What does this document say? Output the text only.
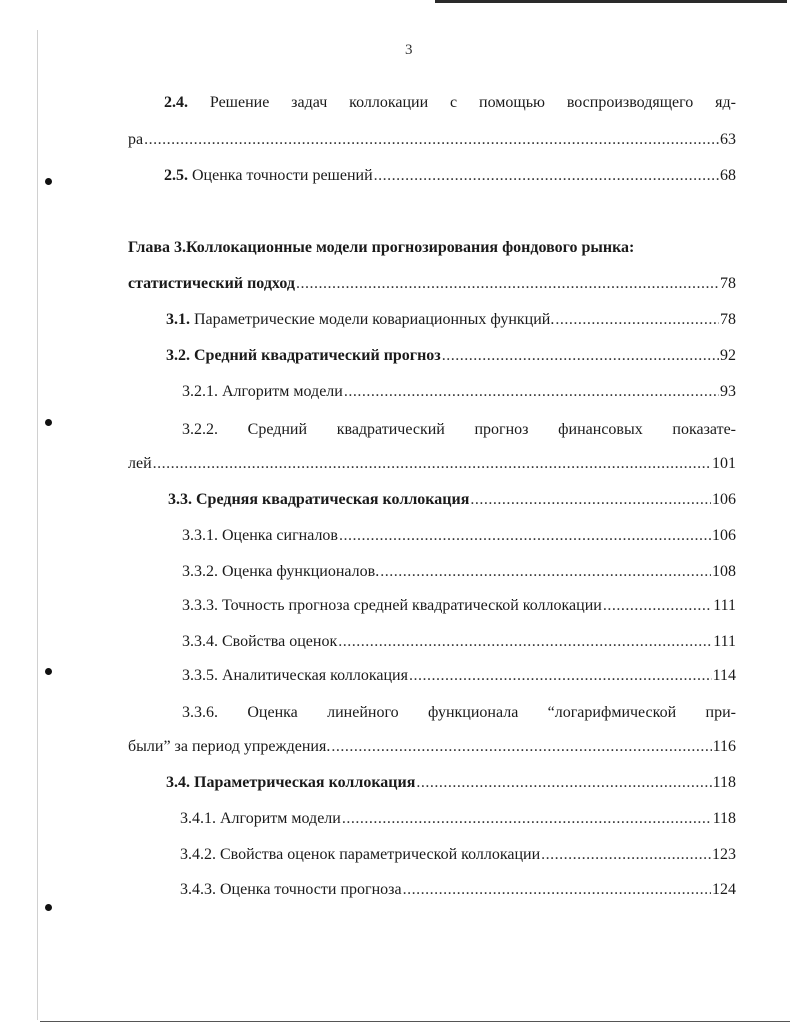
3
2.4. Решение задач коллокации с помощью воспроизводящего яд-
ра .....	63
2.5. Оценка точности решений .....	68
Глава 3.Коллокационные модели прогнозирования фондового рынка:
статистический подход .....	78
3.1. Параметрические модели ковариационных функций. .....	78
3.2. Средний квадратический прогноз .....	92
3.2.1. Алгоритм модели .....	93
3.2.2. Средний квадратический прогноз финансовых показате-
лей .....	101
3.3. Средняя квадратическая коллокация .....	106
3.3.1. Оценка сигналов .....	106
3.3.2. Оценка функционалов. .....	108
3.3.3. Точность прогноза средней квадратической коллокации .....	111
3.3.4. Свойства оценок .....	111
3.3.5. Аналитическая коллокация .....	114
3.3.6. Оценка линейного функционала “логарифмической при-
были” за период упреждения. .....	116
3.4. Параметрическая коллокация .....	118
3.4.1. Алгоритм модели .....	118
3.4.2. Свойства оценок параметрической коллокации .....	123
3.4.3. Оценка точности прогноза .....	124
